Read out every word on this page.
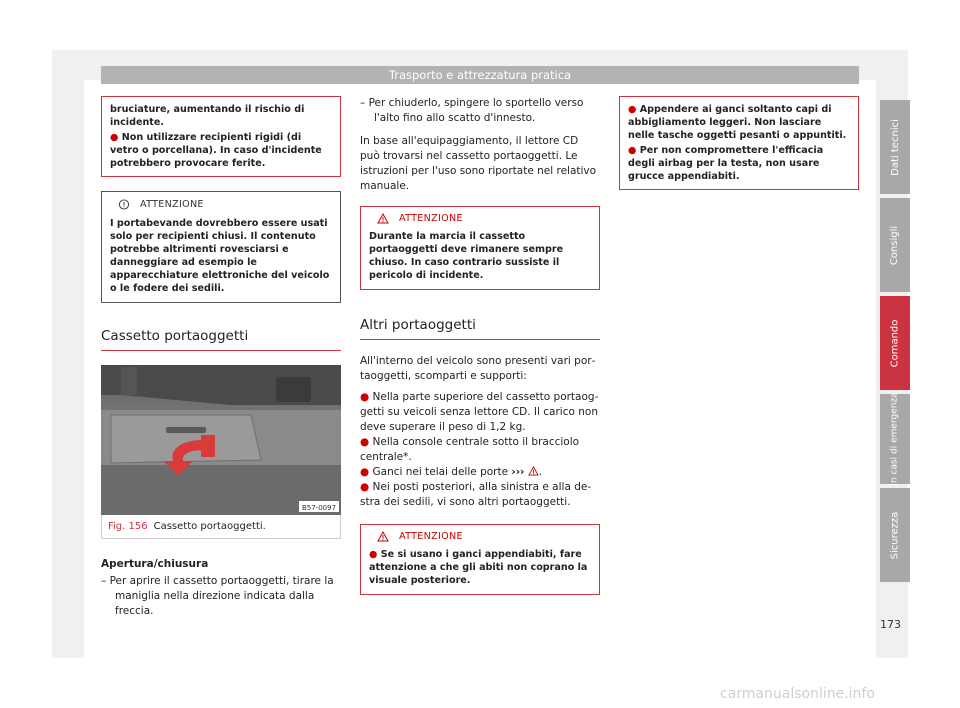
Trasporto e attrezzatura pratica

bruciature, aumentando il rischio di incidente.

● Non utilizzare recipienti rigidi (di vetro o porcellana). In caso d'incidente potrebbero provocare ferite.

ATTENZIONE
I portabevande dovrebbero essere usati solo per recipienti chiusi. Il contenuto potrebbe altrimenti rovesciarsi e danneggiare ad esempio le apparecchiature elettroniche del veicolo o le fodere dei sedili.
Cassetto portaoggetti
B57-0097
Fig. 156 Cassetto portaoggetti.

Apertura/chiusura

– Per aprire il cassetto portaoggetti, tirare la maniglia nella direzione indicata dalla freccia.

– Per chiuderlo, spingere lo sportello verso l'alto fino allo scatto d'innesto.

In base all'equipaggiamento, il lettore CD può trovarsi nel cassetto portaoggetti. Le istruzioni per l'uso sono riportate nel relativo manuale.

ATTENZIONE
Durante la marcia il cassetto portaoggetti deve rimanere sempre chiuso. In caso contrario sussiste il pericolo di incidente.
Altri portaoggetti

All'interno del veicolo sono presenti vari portaoggetti, scomparti e supporti:

● Nella parte superiore del cassetto portaoggetti su veicoli senza lettore CD. Il carico non deve superare il peso di 1,2 kg.

● Nella console centrale sotto il bracciolo centrale*.

● Ganci nei telai delle porte ››› .

● Nei posti posteriori, alla sinistra e alla destra dei sedili, vi sono altri portaoggetti.

ATTENZIONE
● Se si usano i ganci appendiabiti, fare attenzione a che gli abiti non coprano la visuale posteriore.

● Appendere ai ganci soltanto capi di abbigliamento leggeri. Non lasciare nelle tasche oggetti pesanti o appuntiti.

● Per non compromettere l'efficacia degli airbag per la testa, non usare grucce appendiabiti.

Dati tecnici
Consigli
Comando
In casi di emergenza
Sicurezza
173
carmanualsonline.info
